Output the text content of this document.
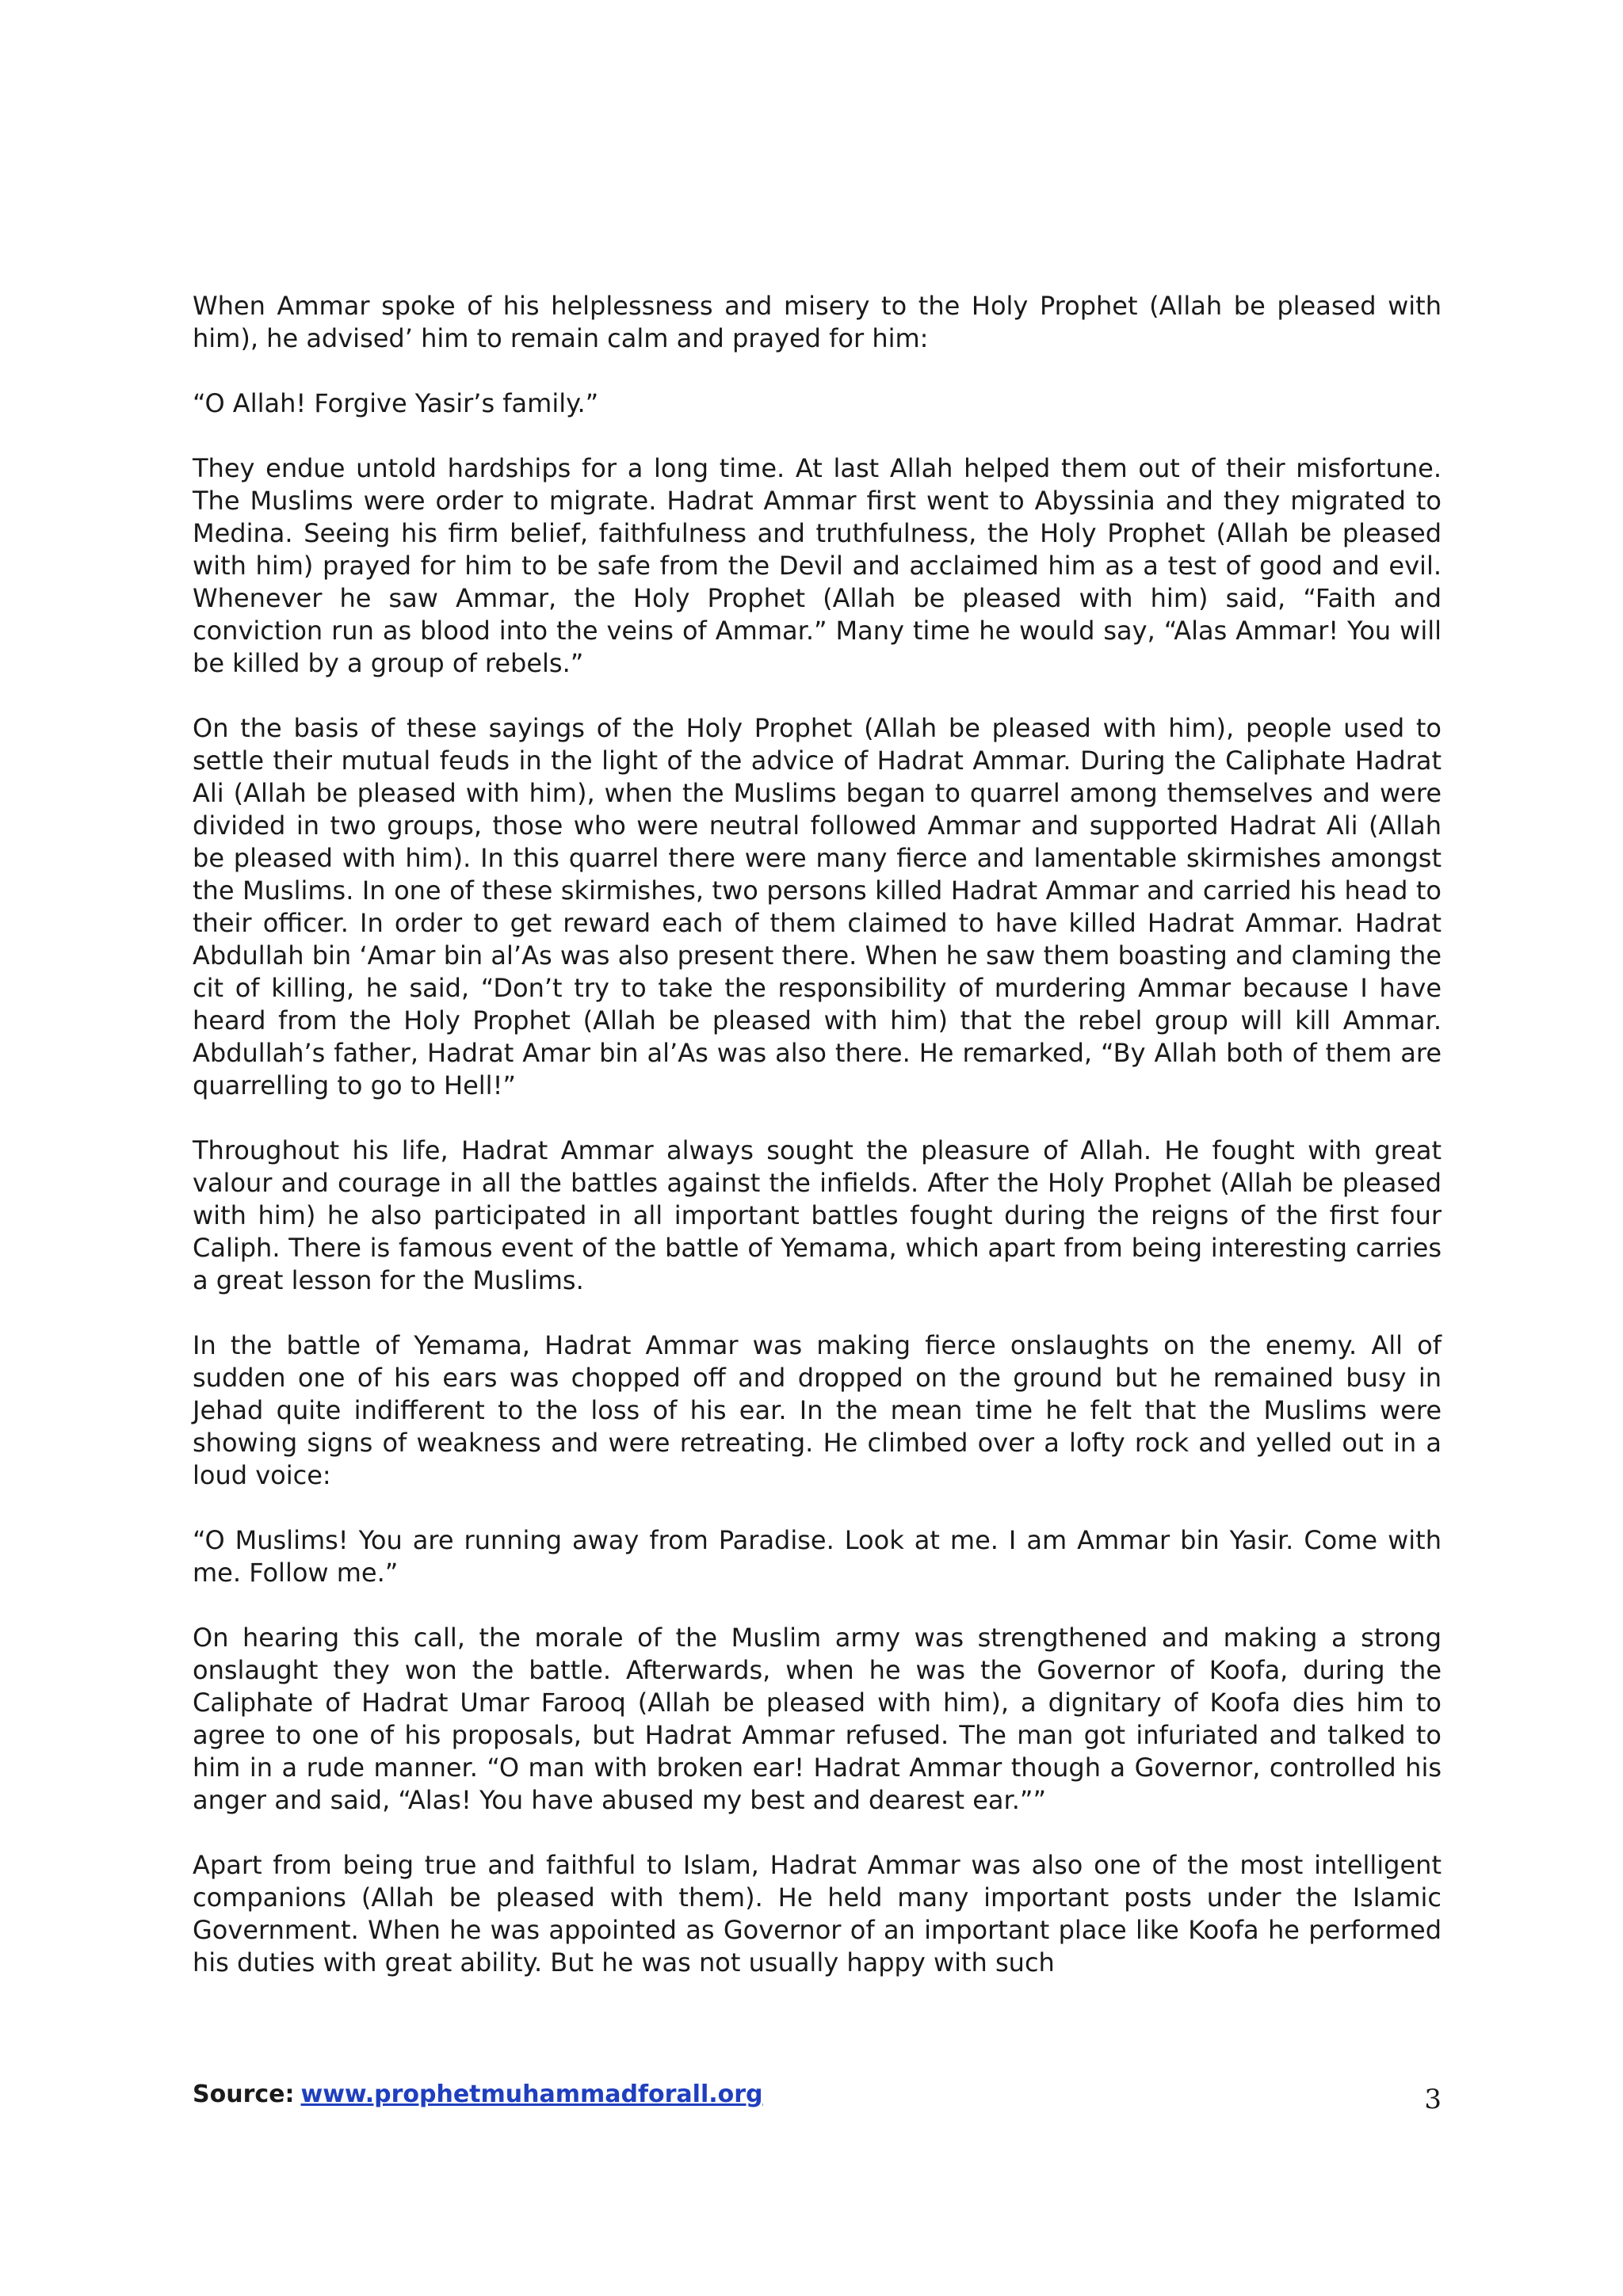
When Ammar spoke of his helplessness and misery to the Holy Prophet (Allah be pleased with him), he advised’ him to remain calm and prayed for him:

“O Allah! Forgive Yasir’s family.”

They endue untold hardships for a long time. At last Allah helped them out of their misfortune. The Muslims were order to migrate. Hadrat Ammar first went to Abyssinia and they migrated to Medina. Seeing his firm belief, faithfulness and truthfulness, the Holy Prophet (Allah be pleased with him) prayed for him to be safe from the Devil and acclaimed him as a test of good and evil. Whenever he saw Ammar, the Holy Prophet (Allah be pleased with him) said, “Faith and conviction run as blood into the veins of Ammar.” Many time he would say, “Alas Ammar! You will be killed by a group of rebels.”

On the basis of these sayings of the Holy Prophet (Allah be pleased with him), people used to settle their mutual feuds in the light of the advice of Hadrat Ammar. During the Caliphate Hadrat Ali (Allah be pleased with him), when the Muslims began to quarrel among themselves and were divided in two groups, those who were neutral followed Ammar and supported Hadrat Ali (Allah be pleased with him). In this quarrel there were many fierce and lamentable skirmishes amongst the Muslims. In one of these skirmishes, two persons killed Hadrat Ammar and carried his head to their officer. In order to get reward each of them claimed to have killed Hadrat Ammar. Hadrat Abdullah bin ‘Amar bin al’As was also present there. When he saw them boasting and claming the cit of killing, he said, “Don’t try to take the responsibility of murdering Ammar because I have heard from the Holy Prophet (Allah be pleased with him) that the rebel group will kill Ammar. Abdullah’s father, Hadrat Amar bin al’As was also there. He remarked, “By Allah both of them are quarrelling to go to Hell!”

Throughout his life, Hadrat Ammar always sought the pleasure of Allah. He fought with great valour and courage in all the battles against the infields. After the Holy Prophet (Allah be pleased with him) he also participated in all important battles fought during the reigns of the first four Caliph. There is famous event of the battle of Yemama, which apart from being interesting carries a great lesson for the Muslims.

In the battle of Yemama, Hadrat Ammar was making fierce onslaughts on the enemy. All of sudden one of his ears was chopped off and dropped on the ground but he remained busy in Jehad quite indifferent to the loss of his ear. In the mean time he felt that the Muslims were showing signs of weakness and were retreating. He climbed over a lofty rock and yelled out in a loud voice:

“O Muslims! You are running away from Paradise. Look at me. I am Ammar bin Yasir. Come with me. Follow me.”

On hearing this call, the morale of the Muslim army was strengthened and making a strong onslaught they won the battle. Afterwards, when he was the Governor of Koofa, during the Caliphate of Hadrat Umar Farooq (Allah be pleased with him), a dignitary of Koofa dies him to agree to one of his proposals, but Hadrat Ammar refused. The man got infuriated and talked to him in a rude manner. “O man with broken ear! Hadrat Ammar though a Governor, controlled his anger and said, “Alas! You have abused my best and dearest ear.””

Apart from being true and faithful to Islam, Hadrat Ammar was also one of the most intelligent companions (Allah be pleased with them). He held many important posts under the Islamic Government. When he was appointed as Governor of an important place like Koofa he performed his duties with great ability. But he was not usually happy with such

Source: www.prophetmuhammadforall.org	3
